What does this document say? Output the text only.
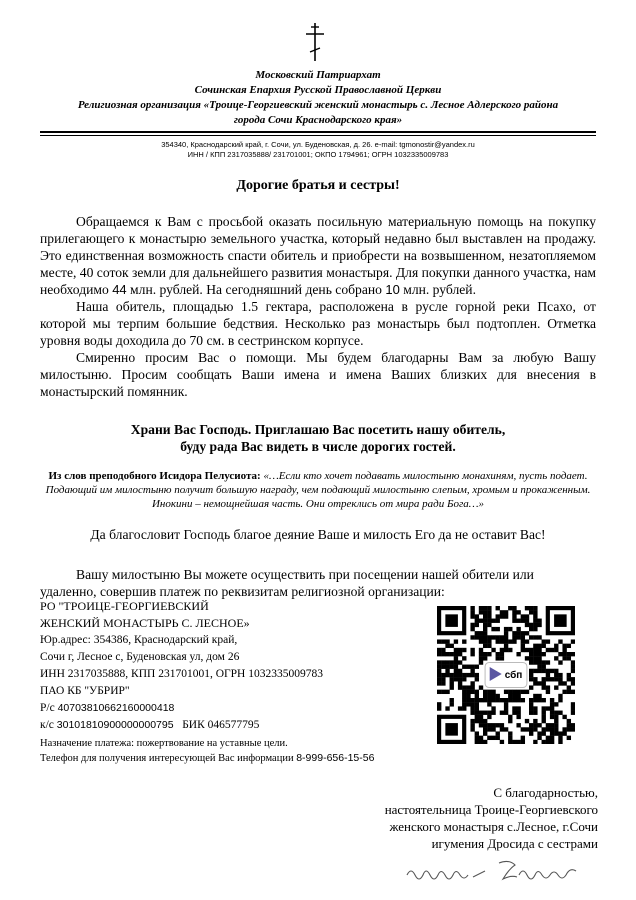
Московский Патриархат
Сочинская Епархия Русской Православной Церкви
Религиозная организация «Троице-Георгиевский женский монастырь с. Лесное Адлерского района
города Сочи Краснодарского края»
354340, Краснодарский край, г. Сочи, ул. Буденовская, д. 26. e-mail: tgmonostir@yandex.ru
ИНН / КПП 2317035888/ 231701001; ОКПО 1794961; ОГРН 1032335009783
Дорогие братья и сестры!

Обращаемся к Вам с просьбой оказать посильную материальную помощь на покупку прилегающего к монастырю земельного участка, который недавно был выставлен на продажу. Это единственная возможность спасти обитель и приобрести на возвышенном, незатопляемом месте, 40 соток земли для дальнейшего развития монастыря. Для покупки данного участка, нам необходимо 44 млн. рублей. На сегодняшний день собрано 10 млн. рублей.

Наша обитель, площадью 1.5 гектара, расположена в русле горной реки Псахо, от которой мы терпим большие бедствия. Несколько раз монастырь был подтоплен. Отметка уровня воды доходила до 70 см. в сестринском корпусе.

Смиренно просим Вас о помощи. Мы будем благодарны Вам за любую Вашу милостыню. Просим сообщать Ваши имена и имена Ваших близких для внесения в монастырский помянник.

Храни Вас Господь. Приглашаю Вас посетить нашу обитель,
буду рада Вас видеть в числе дорогих гостей.
Из слов преподобного Исидора Пелусиота: «…Если кто хочет подавать милостыню монахиням, пусть подает. Подающий им милостыню получит большую награду, чем подающий милостыню слепым, хромым и прокаженным. Инокини – немощнейшая часть. Они отреклись от мира ради Бога…»
Да благословит Господь благое деяние Ваше и милость Его да не оставит Вас!
Вашу милостыню Вы можете осуществить при посещении нашей обители или
удаленно, совершив платеж по реквизитам религиозной организации:
РО "ТРОИЦЕ-ГЕОРГИЕВСКИЙ
ЖЕНСКИЙ МОНАСТЫРЬ С. ЛЕСНОЕ»
Юр.адрес: 354386, Краснодарский край,
Сочи г, Лесное с, Буденовская ул, дом 26
ИНН 2317035888, КПП 231701001, ОГРН 1032335009783
ПАО КБ "УБРИР"
Р/с 40703810662160000418
к/с 30101810900000000795 БИК 046577795
Назначение платежа: пожертвование на уставные цели.
Телефон для получения интересующей Вас информации 8-999-656-15-56
сбп
С благодарностью,
настоятельница Троице-Георгиевского
женского монастыря с.Лесное, г.Сочи
игумения Дросида с сестрами
